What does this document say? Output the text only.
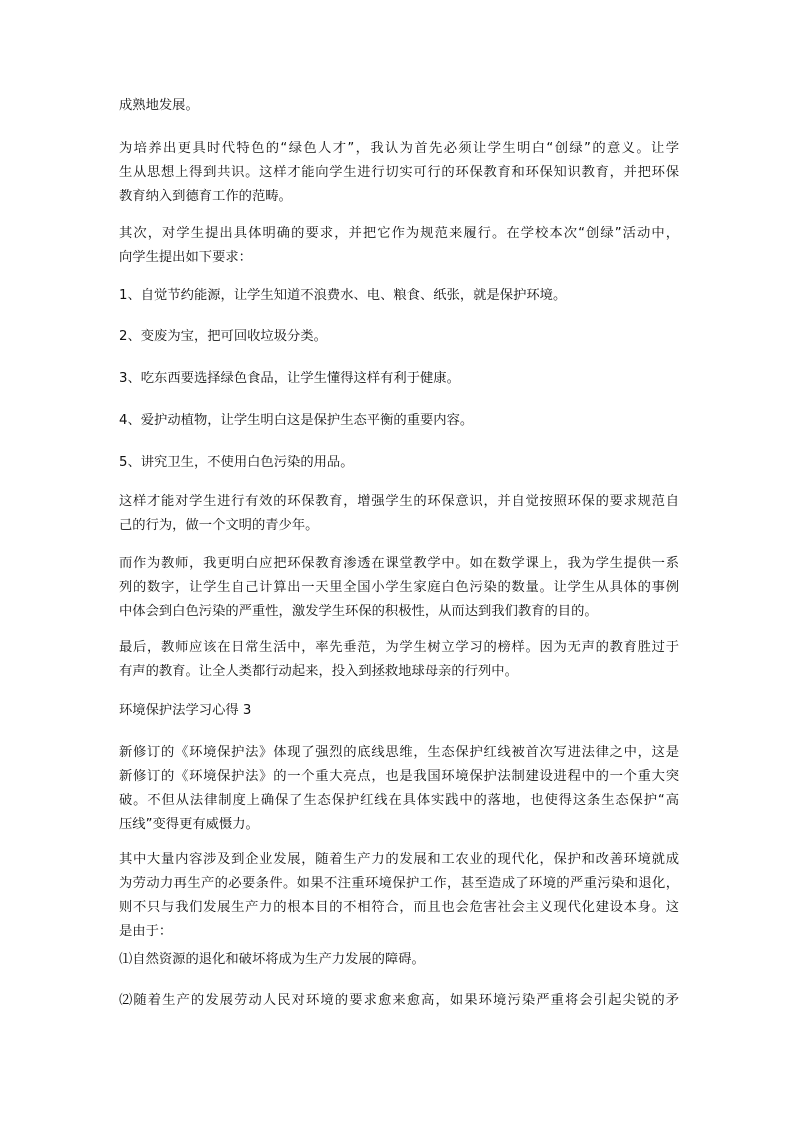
成熟地发展。

为培养出更具时代特色的“绿色人才”，我认为首先必须让学生明白“创绿”的意义。让学
生从思想上得到共识。这样才能向学生进行切实可行的环保教育和环保知识教育，并把环保
教育纳入到德育工作的范畴。

其次，对学生提出具体明确的要求，并把它作为规范来履行。在学校本次“创绿”活动中，
向学生提出如下要求：

1、自觉节约能源，让学生知道不浪费水、电、粮食、纸张，就是保护环境。

2、变废为宝，把可回收垃圾分类。

3、吃东西要选择绿色食品，让学生懂得这样有利于健康。

4、爱护动植物，让学生明白这是保护生态平衡的重要内容。

5、讲究卫生，不使用白色污染的用品。

这样才能对学生进行有效的环保教育，增强学生的环保意识，并自觉按照环保的要求规范自
己的行为，做一个文明的青少年。

而作为教师，我更明白应把环保教育渗透在课堂教学中。如在数学课上，我为学生提供一系
列的数字，让学生自己计算出一天里全国小学生家庭白色污染的数量。让学生从具体的事例
中体会到白色污染的严重性，激发学生环保的积极性，从而达到我们教育的目的。

最后，教师应该在日常生活中，率先垂范，为学生树立学习的榜样。因为无声的教育胜过于
有声的教育。让全人类都行动起来，投入到拯救地球母亲的行列中。

环境保护法学习心得 3

新修订的《环境保护法》体现了强烈的底线思维，生态保护红线被首次写进法律之中，这是
新修订的《环境保护法》的一个重大亮点，也是我国环境保护法制建设进程中的一个重大突
破。不但从法律制度上确保了生态保护红线在具体实践中的落地，也使得这条生态保护“高
压线”变得更有威慑力。

其中大量内容涉及到企业发展，随着生产力的发展和工农业的现代化，保护和改善环境就成
为劳动力再生产的必要条件。如果不注重环境保护工作，甚至造成了环境的严重污染和退化，
则不只与我们发展生产力的根本目的不相符合，而且也会危害社会主义现代化建设本身。这
是由于：

⑴自然资源的退化和破坏将成为生产力发展的障碍。

⑵随着生产的发展劳动人民对环境的要求愈来愈高，如果环境污染严重将会引起尖锐的矛
